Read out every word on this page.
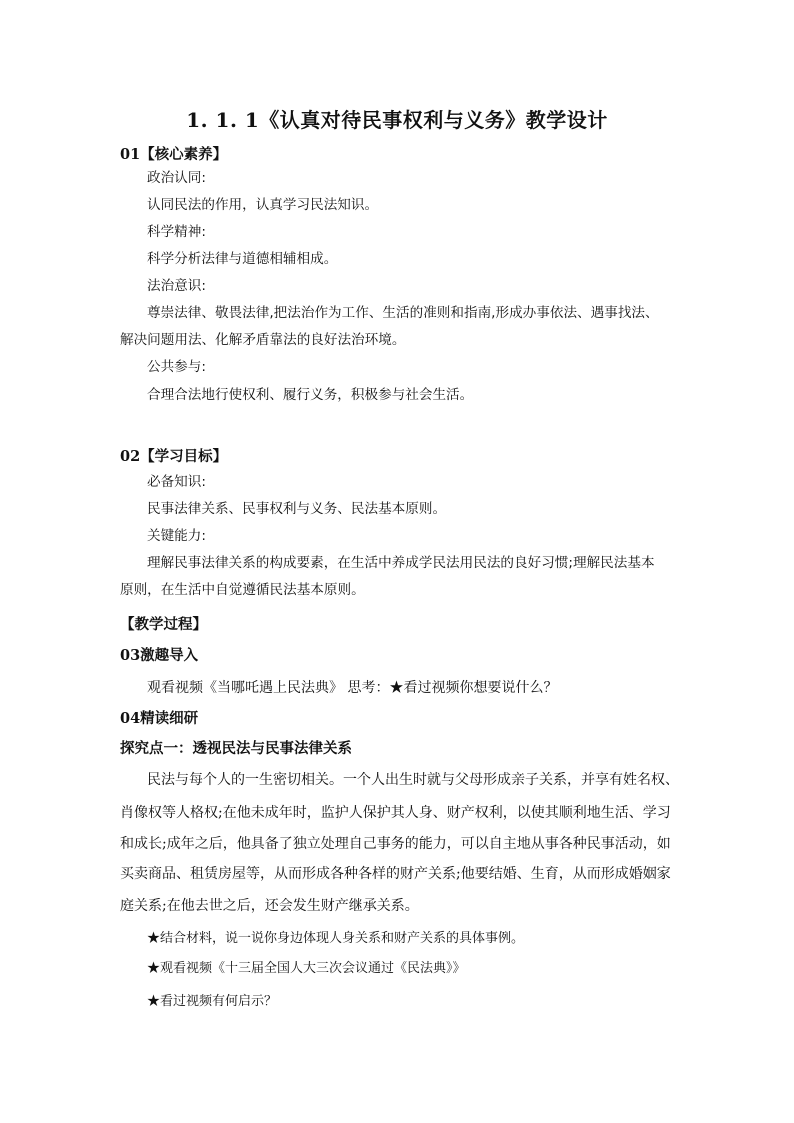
1. 1. 1《认真对待民事权利与义务》教学设计
01【核心素养】
政治认同:
认同民法的作用，认真学习民法知识。
科学精神:
科学分析法律与道德相辅相成。
法治意识:
尊崇法律、敬畏法律,把法治作为工作、生活的准则和指南,形成办事依法、遇事找法、
解决问题用法、化解矛盾靠法的良好法治环境。
公共参与:
合理合法地行使权利、履行义务，积极参与社会生活。
02【学习目标】
必备知识:
民事法律关系、民事权利与义务、民法基本原则。
关键能力:
理解民事法律关系的构成要素，在生活中养成学民法用民法的良好习惯;理解民法基本
原则，在生活中自觉遵循民法基本原则。
【教学过程】
03激趣导入
观看视频《当哪吒遇上民法典》 思考：★看过视频你想要说什么？
04精读细研
探究点一：透视民法与民事法律关系
民法与每个人的一生密切相关。一个人出生时就与父母形成亲子关系，并享有姓名权、
肖像权等人格权;在他未成年时，监护人保护其人身、财产权利，以使其顺利地生活、学习
和成长;成年之后，他具备了独立处理自己事务的能力，可以自主地从事各种民事活动，如
买卖商品、租赁房屋等，从而形成各种各样的财产关系;他要结婚、生育，从而形成婚姻家
庭关系;在他去世之后，还会发生财产继承关系。
★结合材料，说一说你身边体现人身关系和财产关系的具体事例。
★观看视频《十三届全国人大三次会议通过《民法典》》
★看过视频有何启示？
